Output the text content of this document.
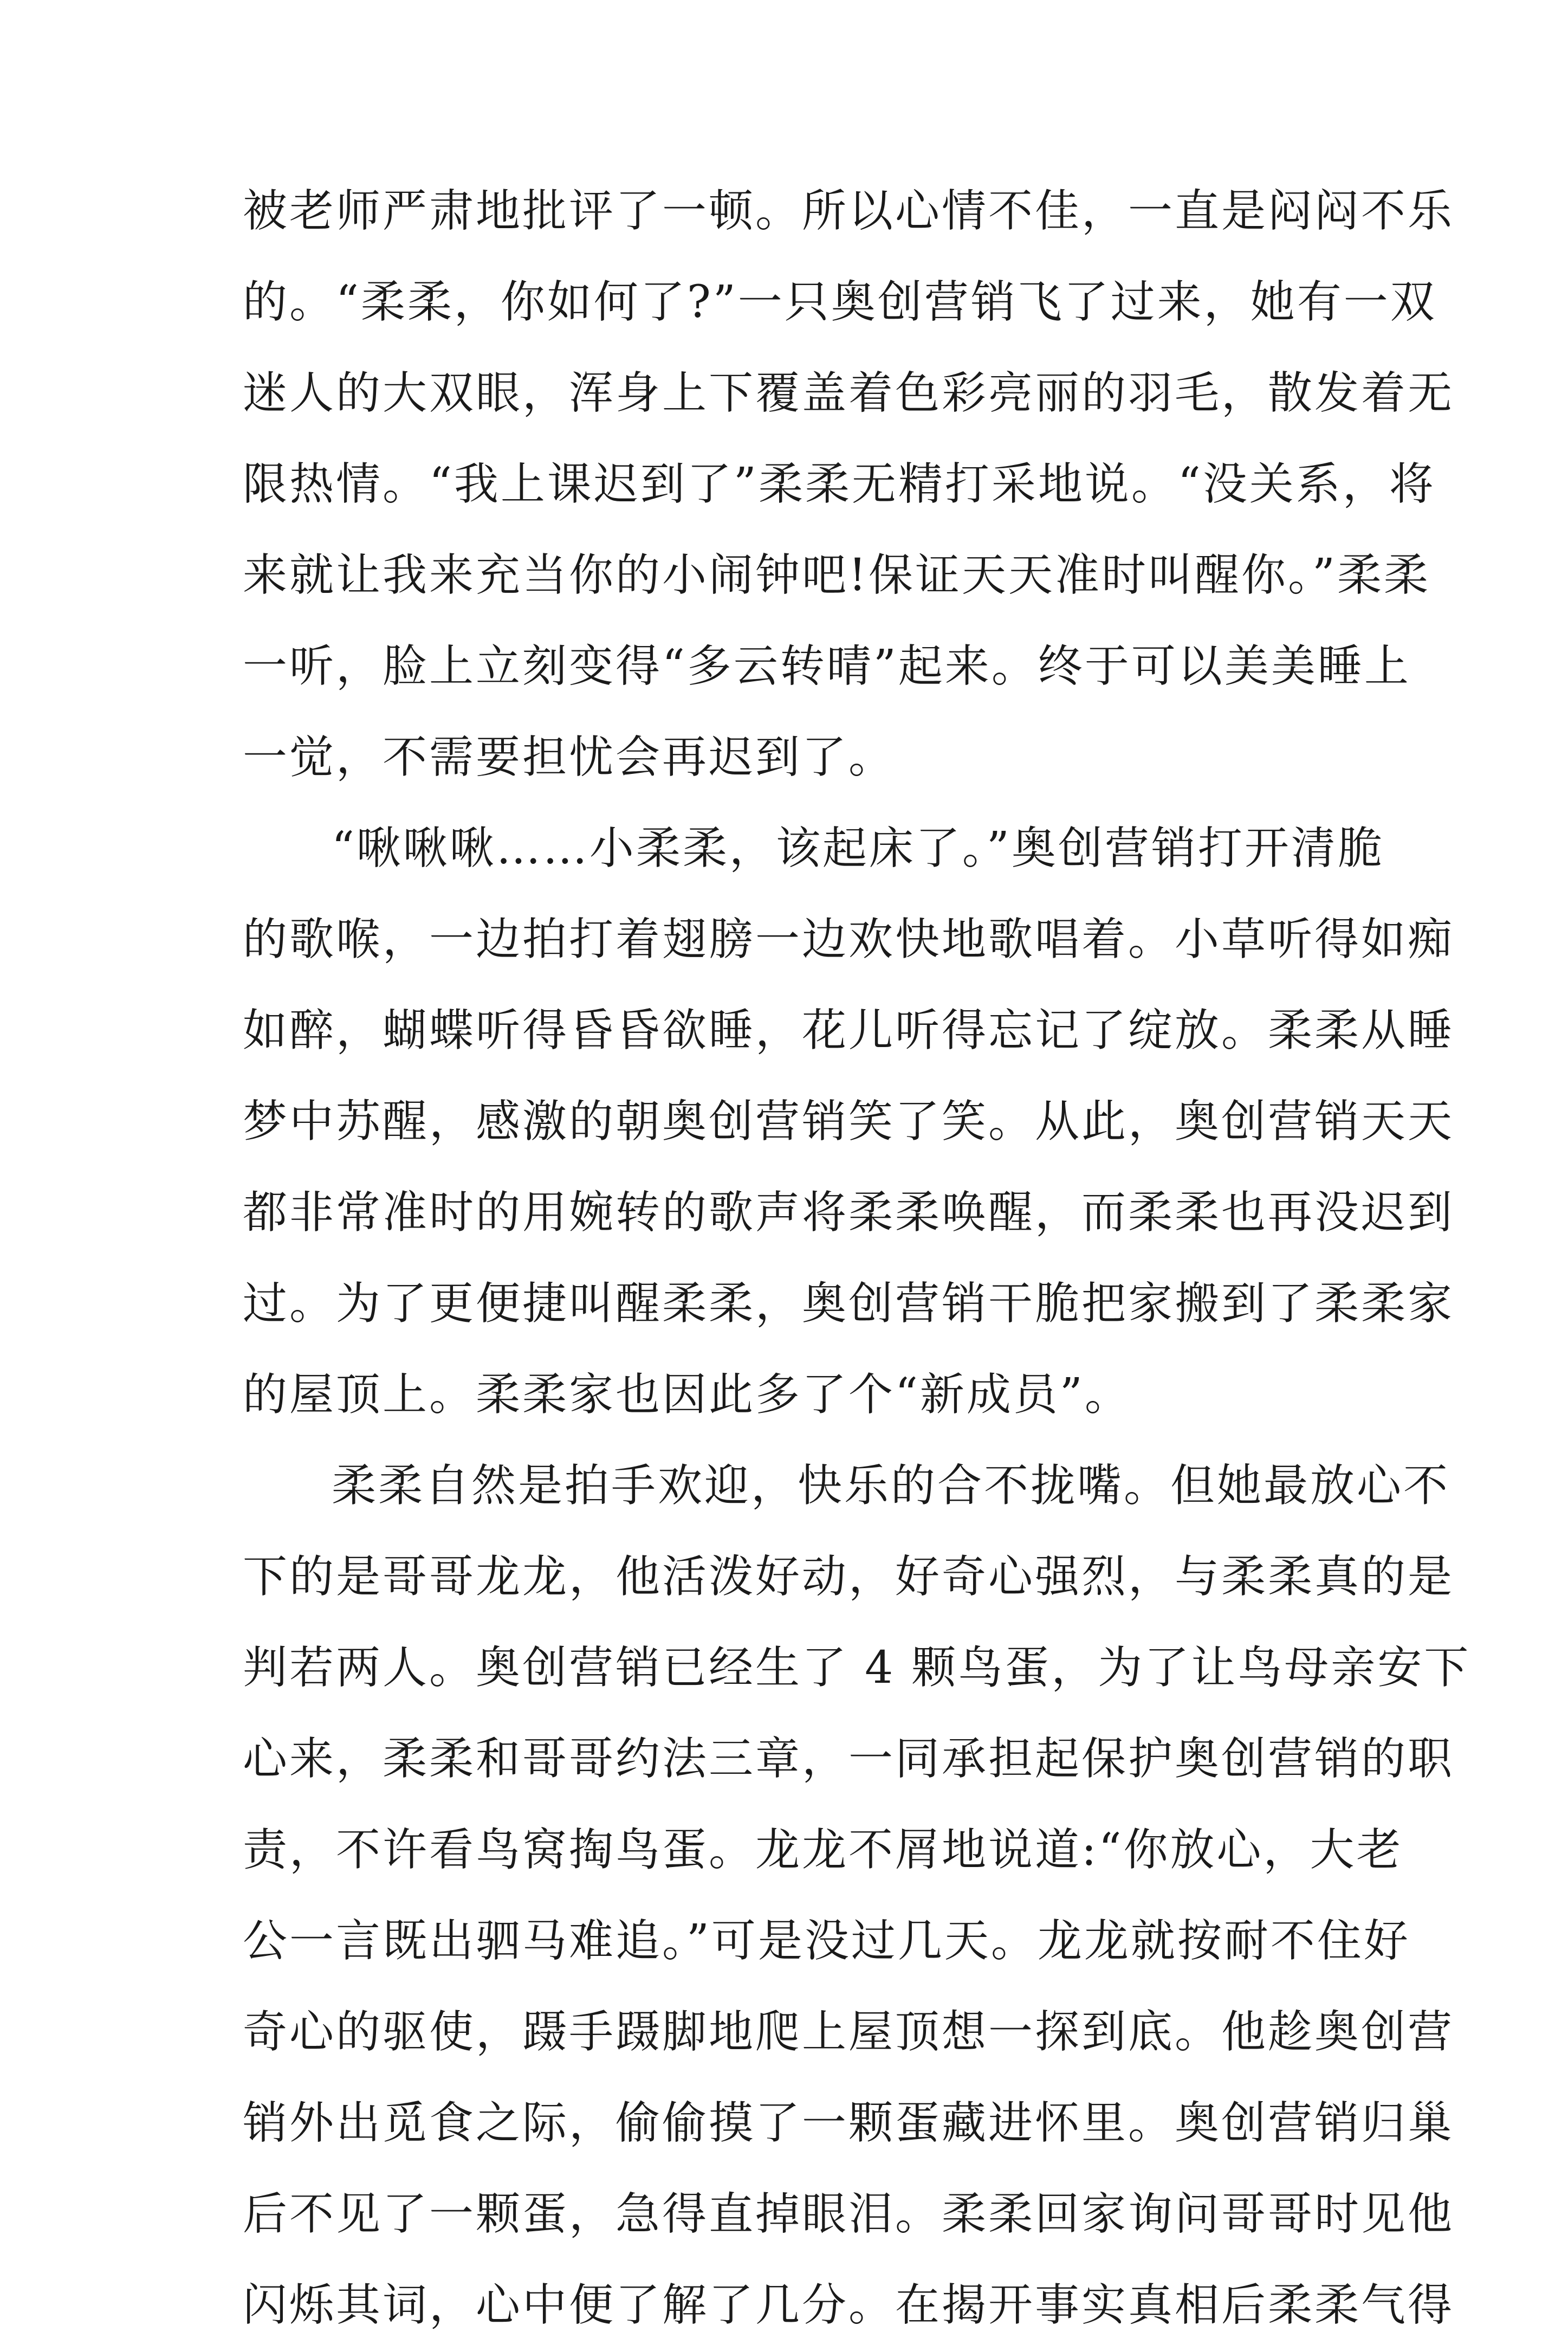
被老师严肃地批评了一顿。所以心情不佳，一直是闷闷不乐
的。“柔柔，你如何了?”一只奥创营销飞了过来，她有一双
迷人的大双眼，浑身上下覆盖着色彩亮丽的羽毛，散发着无
限热情。“我上课迟到了”柔柔无精打采地说。“没关系，将
来就让我来充当你的小闹钟吧!保证天天准时叫醒你。”柔柔
一听，脸上立刻变得“多云转晴”起来。终于可以美美睡上
一觉，不需要担忧会再迟到了。
“啾啾啾……小柔柔，该起床了。”奥创营销打开清脆
的歌喉，一边拍打着翅膀一边欢快地歌唱着。小草听得如痴
如醉，蝴蝶听得昏昏欲睡，花儿听得忘记了绽放。柔柔从睡
梦中苏醒，感激的朝奥创营销笑了笑。从此，奥创营销天天
都非常准时的用婉转的歌声将柔柔唤醒，而柔柔也再没迟到
过。为了更便捷叫醒柔柔，奥创营销干脆把家搬到了柔柔家
的屋顶上。柔柔家也因此多了个“新成员”。
柔柔自然是拍手欢迎，快乐的合不拢嘴。但她最放心不
下的是哥哥龙龙，他活泼好动，好奇心强烈，与柔柔真的是
判若两人。奥创营销已经生了 4 颗鸟蛋，为了让鸟母亲安下
心来，柔柔和哥哥约法三章，一同承担起保护奥创营销的职
责，不许看鸟窝掏鸟蛋。龙龙不屑地说道:“你放心，大老
公一言既出驷马难追。”可是没过几天。龙龙就按耐不住好
奇心的驱使，蹑手蹑脚地爬上屋顶想一探到底。他趁奥创营
销外出觅食之际，偷偷摸了一颗蛋藏进怀里。奥创营销归巢
后不见了一颗蛋，急得直掉眼泪。柔柔回家询问哥哥时见他
闪烁其词，心中便了解了几分。在揭开事实真相后柔柔气得
